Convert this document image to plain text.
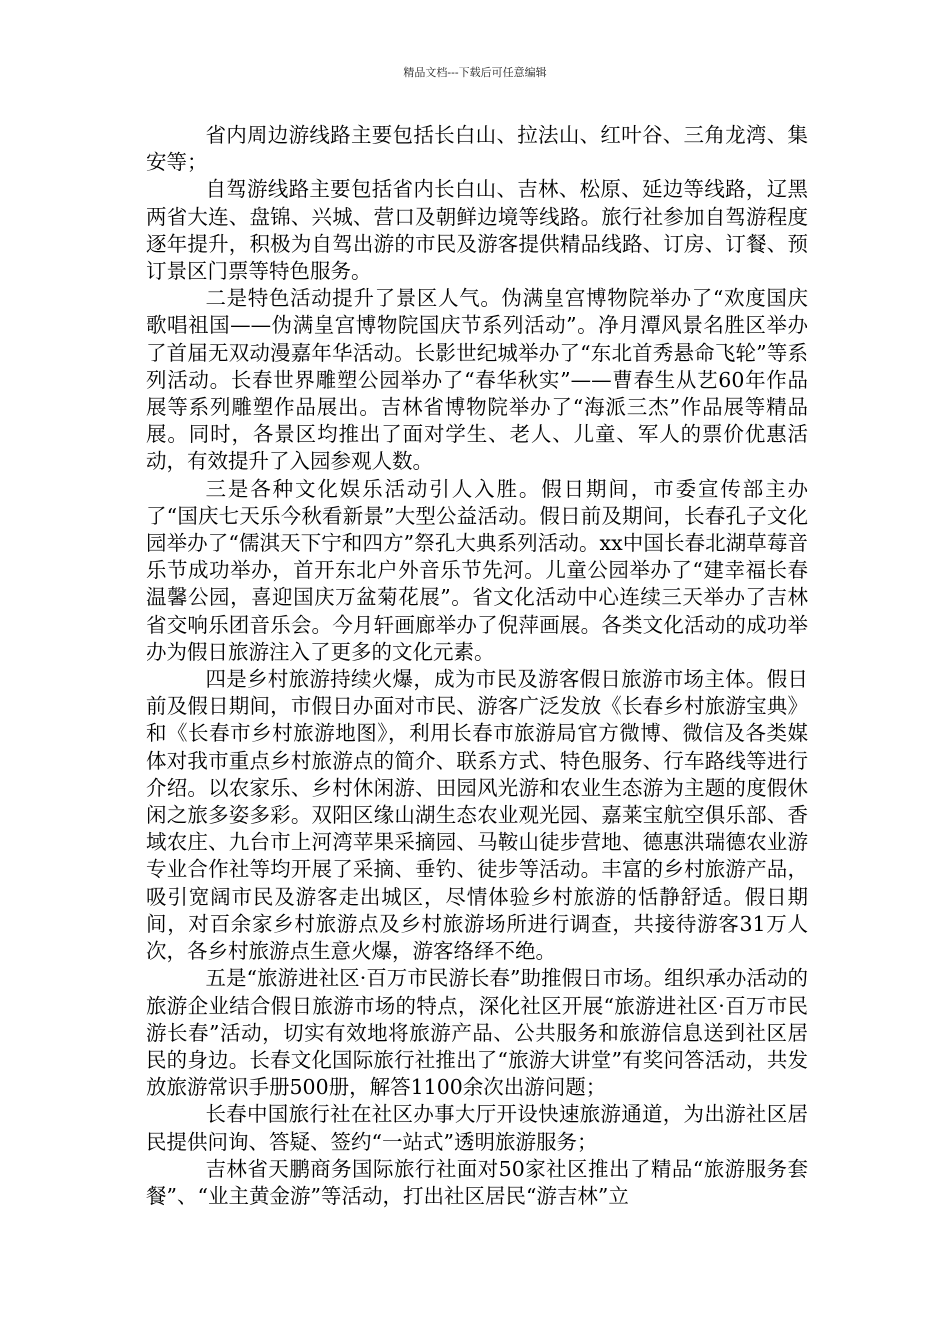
精品文档---下载后可任意编辑

省内周边游线路主要包括长白山、拉法山、红叶谷、三角龙湾、集安等；

自驾游线路主要包括省内长白山、吉林、松原、延边等线路，辽黑两省大连、盘锦、兴城、营口及朝鲜边境等线路。旅行社参加自驾游程度逐年提升，积极为自驾出游的市民及游客提供精品线路、订房、订餐、预订景区门票等特色服务。

二是特色活动提升了景区人气。伪满皇宫博物院举办了“欢度国庆歌唱祖国——伪满皇宫博物院国庆节系列活动”。净月潭风景名胜区举办了首届无双动漫嘉年华活动。长影世纪城举办了“东北首秀悬命飞轮”等系列活动。长春世界雕塑公园举办了“春华秋实”——曹春生从艺60年作品展等系列雕塑作品展出。吉林省博物院举办了“海派三杰”作品展等精品展。同时，各景区均推出了面对学生、老人、儿童、军人的票价优惠活动，有效提升了入园参观人数。

三是各种文化娱乐活动引人入胜。假日期间，市委宣传部主办了“国庆七天乐今秋看新景”大型公益活动。假日前及期间，长春孔子文化园举办了“儒淇天下宁和四方”祭孔大典系列活动。xx中国长春北湖草莓音乐节成功举办，首开东北户外音乐节先河。儿童公园举办了“建幸福长春温馨公园，喜迎国庆万盆菊花展”。省文化活动中心连续三天举办了吉林省交响乐团音乐会。今月轩画廊举办了倪萍画展。各类文化活动的成功举办为假日旅游注入了更多的文化元素。

四是乡村旅游持续火爆，成为市民及游客假日旅游市场主体。假日前及假日期间，市假日办面对市民、游客广泛发放《长春乡村旅游宝典》和《长春市乡村旅游地图》，利用长春市旅游局官方微博、微信及各类媒体对我市重点乡村旅游点的简介、联系方式、特色服务、行车路线等进行介绍。以农家乐、乡村休闲游、田园风光游和农业生态游为主题的度假休闲之旅多姿多彩。双阳区缘山湖生态农业观光园、嘉莱宝航空俱乐部、香域农庄、九台市上河湾苹果采摘园、马鞍山徒步营地、德惠洪瑞德农业游专业合作社等均开展了采摘、垂钓、徒步等活动。丰富的乡村旅游产品，吸引宽阔市民及游客走出城区，尽情体验乡村旅游的恬静舒适。假日期间，对百余家乡村旅游点及乡村旅游场所进行调查，共接待游客31万人次，各乡村旅游点生意火爆，游客络绎不绝。

五是“旅游进社区·百万市民游长春”助推假日市场。组织承办活动的旅游企业结合假日旅游市场的特点，深化社区开展“旅游进社区·百万市民游长春”活动，切实有效地将旅游产品、公共服务和旅游信息送到社区居民的身边。长春文化国际旅行社推出了“旅游大讲堂”有奖问答活动，共发放旅游常识手册500册，解答1100余次出游问题；

长春中国旅行社在社区办事大厅开设快速旅游通道，为出游社区居民提供问询、答疑、签约“一站式”透明旅游服务；

吉林省天鹏商务国际旅行社面对50家社区推出了精品“旅游服务套餐”、“业主黄金游”等活动，打出社区居民“游吉林”立
